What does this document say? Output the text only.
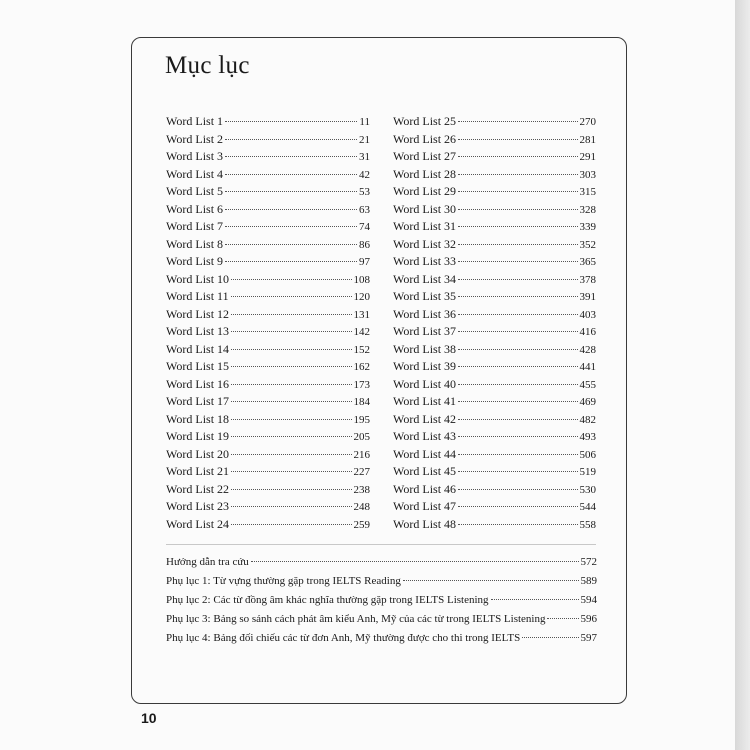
Mục lục
Word List 1	11
Word List 2	21
Word List 3	31
Word List 4	42
Word List 5	53
Word List 6	63
Word List 7	74
Word List 8	86
Word List 9	97
Word List 10	108
Word List 11	120
Word List 12	131
Word List 13	142
Word List 14	152
Word List 15	162
Word List 16	173
Word List 17	184
Word List 18	195
Word List 19	205
Word List 20	216
Word List 21	227
Word List 22	238
Word List 23	248
Word List 24	259
Word List 25	270
Word List 26	281
Word List 27	291
Word List 28	303
Word List 29	315
Word List 30	328
Word List 31	339
Word List 32	352
Word List 33	365
Word List 34	378
Word List 35	391
Word List 36	403
Word List 37	416
Word List 38	428
Word List 39	441
Word List 40	455
Word List 41	469
Word List 42	482
Word List 43	493
Word List 44	506
Word List 45	519
Word List 46	530
Word List 47	544
Word List 48	558
Hướng dẫn tra cứu	572
Phụ lục 1: Từ vựng thường gặp trong IELTS Reading	589
Phụ lục 2: Các từ đồng âm khác nghĩa thường gặp trong IELTS Listening	594
Phụ lục 3: Bảng so sánh cách phát âm kiểu Anh, Mỹ của các từ trong IELTS Listening	596
Phụ lục 4: Bảng đối chiếu các từ đơn Anh, Mỹ thường được cho thi trong IELTS	597
10
